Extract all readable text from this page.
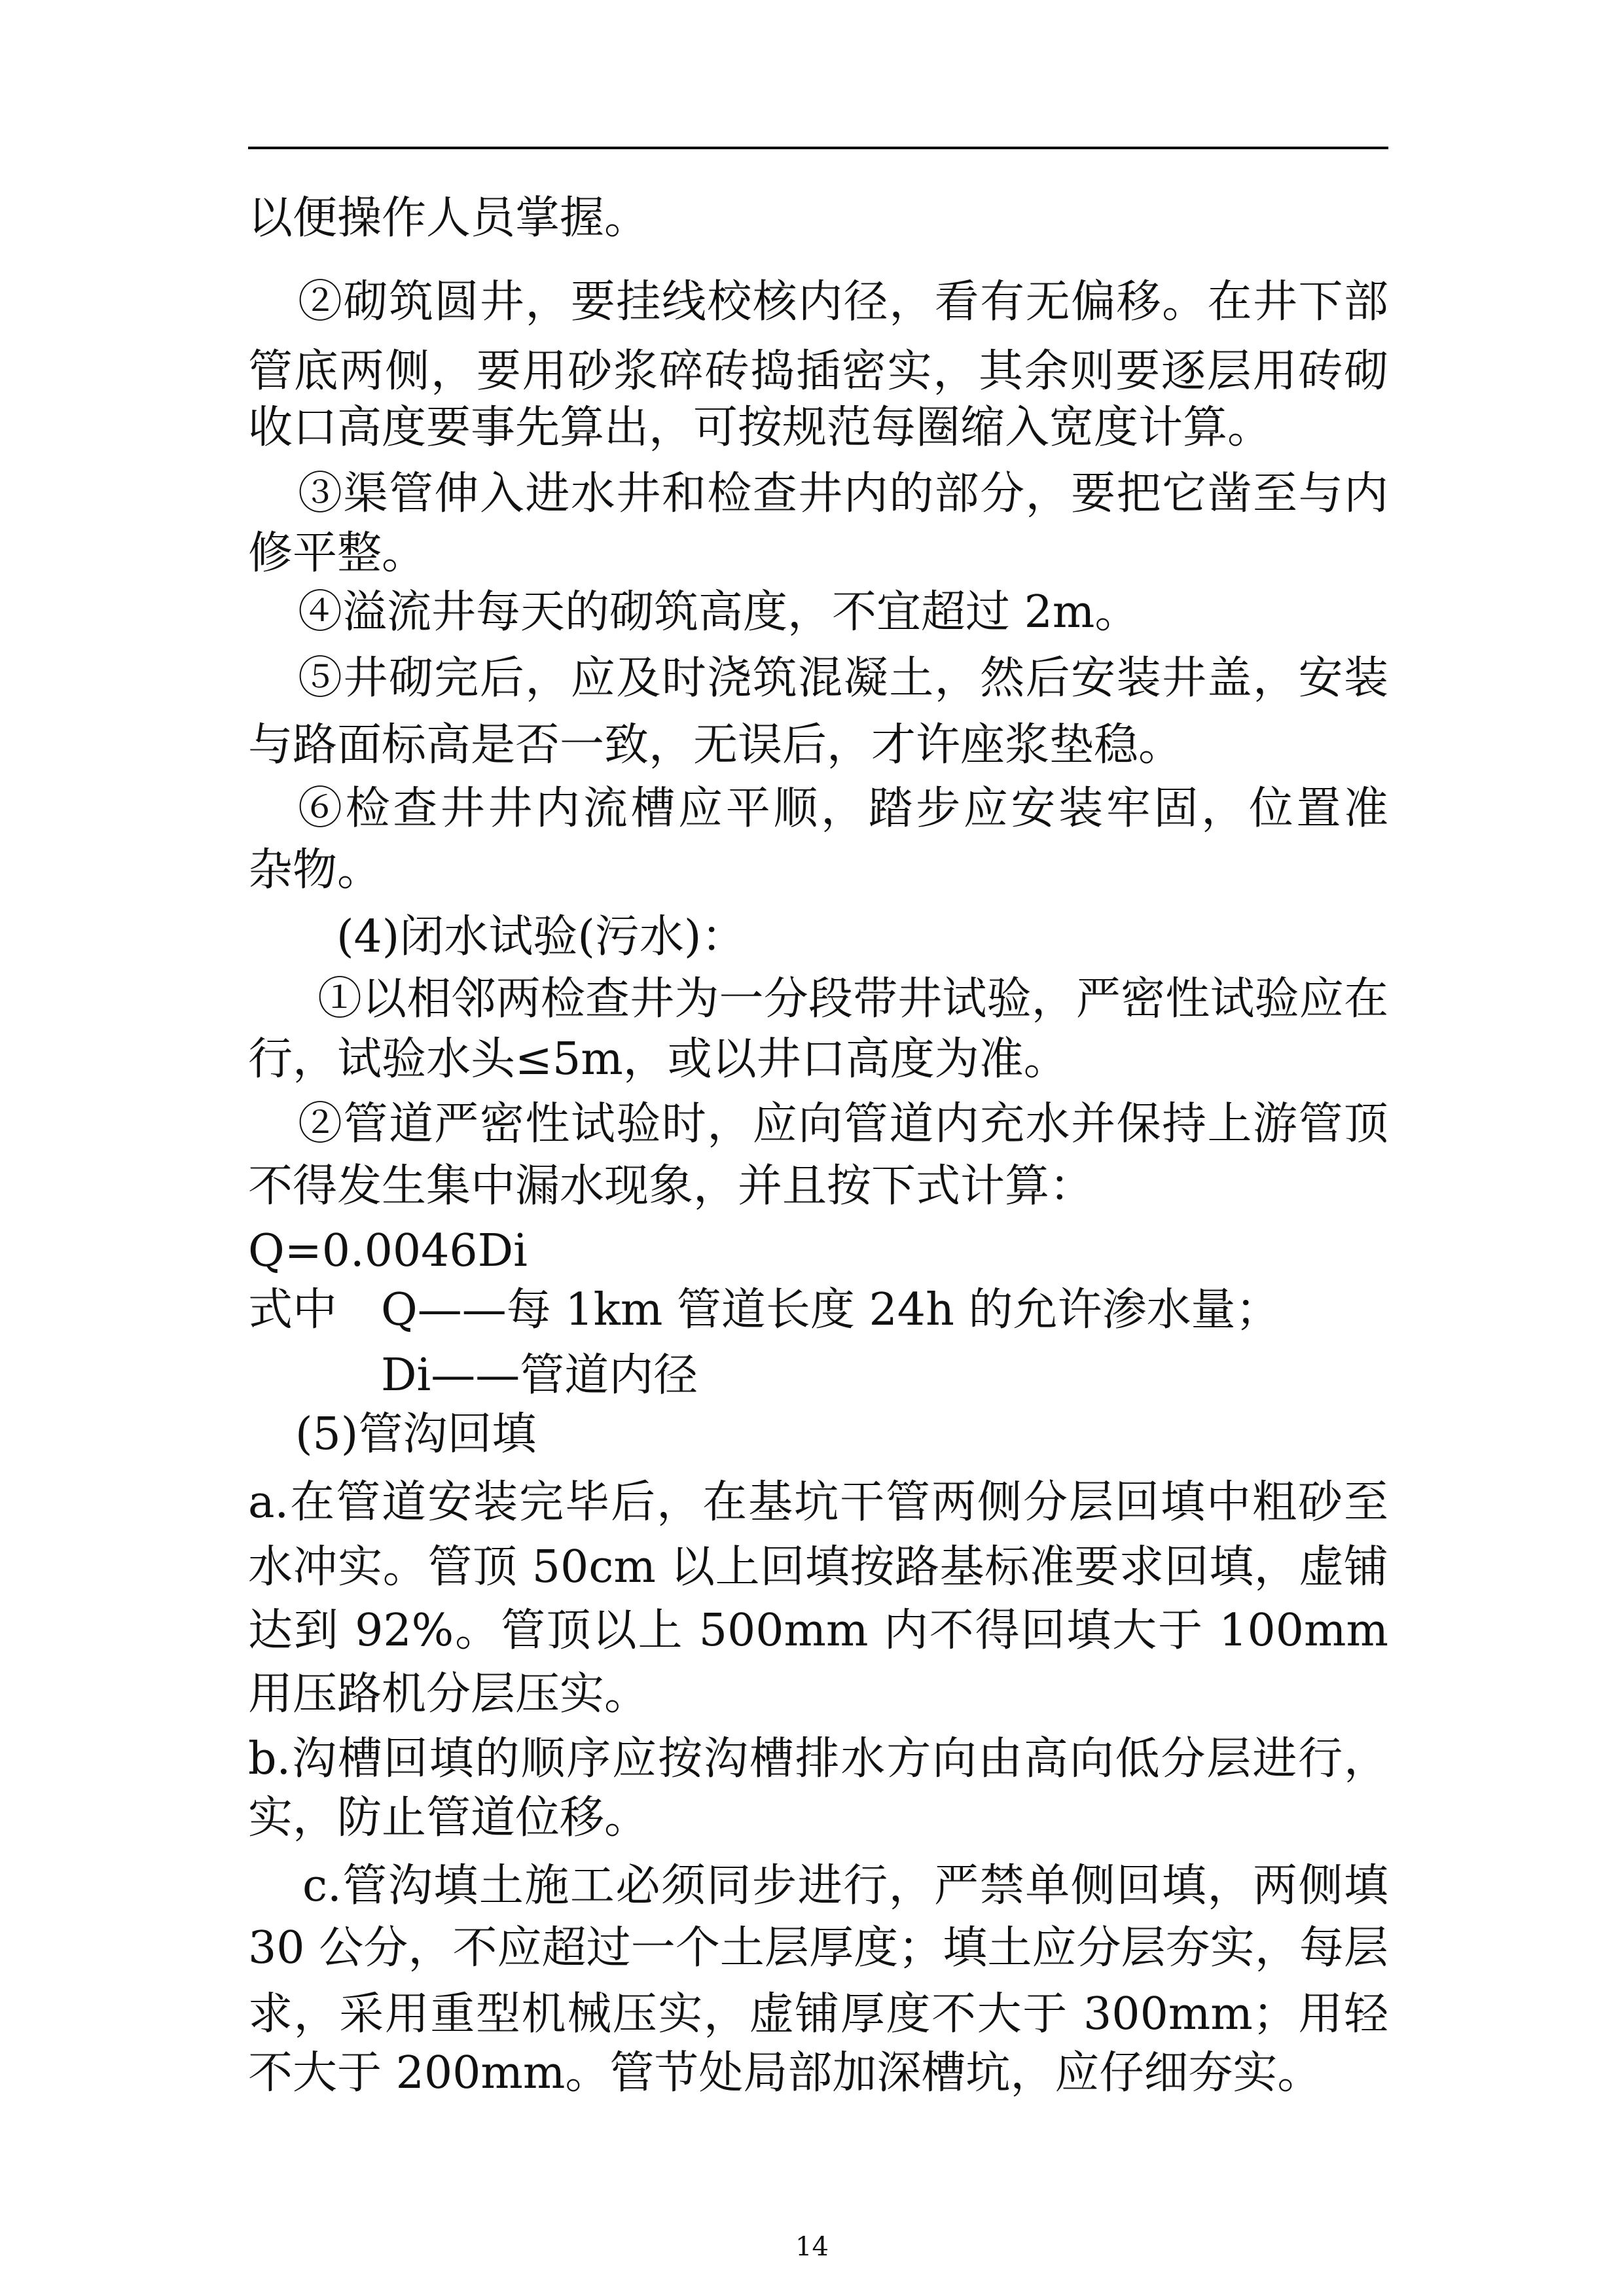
以便操作人员掌握。
②砌筑圆井，要挂线校核内径，看有无偏移。在井下部
管底两侧，要用砂浆碎砖捣插密实，其余则要逐层用砖砌
收口高度要事先算出，可按规范每圈缩入宽度计算。
③渠管伸入进水井和检查井内的部分，要把它凿至与内
修平整。
④溢流井每天的砌筑高度，不宜超过 2m。
⑤井砌完后，应及时浇筑混凝土，然后安装井盖，安装
与路面标高是否一致，无误后，才许座浆垫稳。
⑥检查井井内流槽应平顺，踏步应安装牢固，位置准
杂物。
(4)闭水试验(污水)：
①以相邻两检查井为一分段带井试验，严密性试验应在
行，试验水头≤5m，或以井口高度为准。
②管道严密性试验时，应向管道内充水并保持上游管顶
不得发生集中漏水现象，并且按下式计算：
Q=0.0046Di
式中 Q——每 1km 管道长度 24h 的允许渗水量；
Di——管道内径
(5)管沟回填
a.在管道安装完毕后，在基坑干管两侧分层回填中粗砂至
水冲实。管顶 50cm 以上回填按路基标准要求回填，虚铺
达到 92%。管顶以上 500mm 内不得回填大于 100mm
用压路机分层压实。
b.沟槽回填的顺序应按沟槽排水方向由高向低分层进行，
实，防止管道位移。
c.管沟填土施工必须同步进行，严禁单侧回填，两侧填
30 公分，不应超过一个土层厚度；填土应分层夯实，每层
求，采用重型机械压实，虚铺厚度不大于 300mm；用轻
不大于 200mm。管节处局部加深槽坑，应仔细夯实。
14
